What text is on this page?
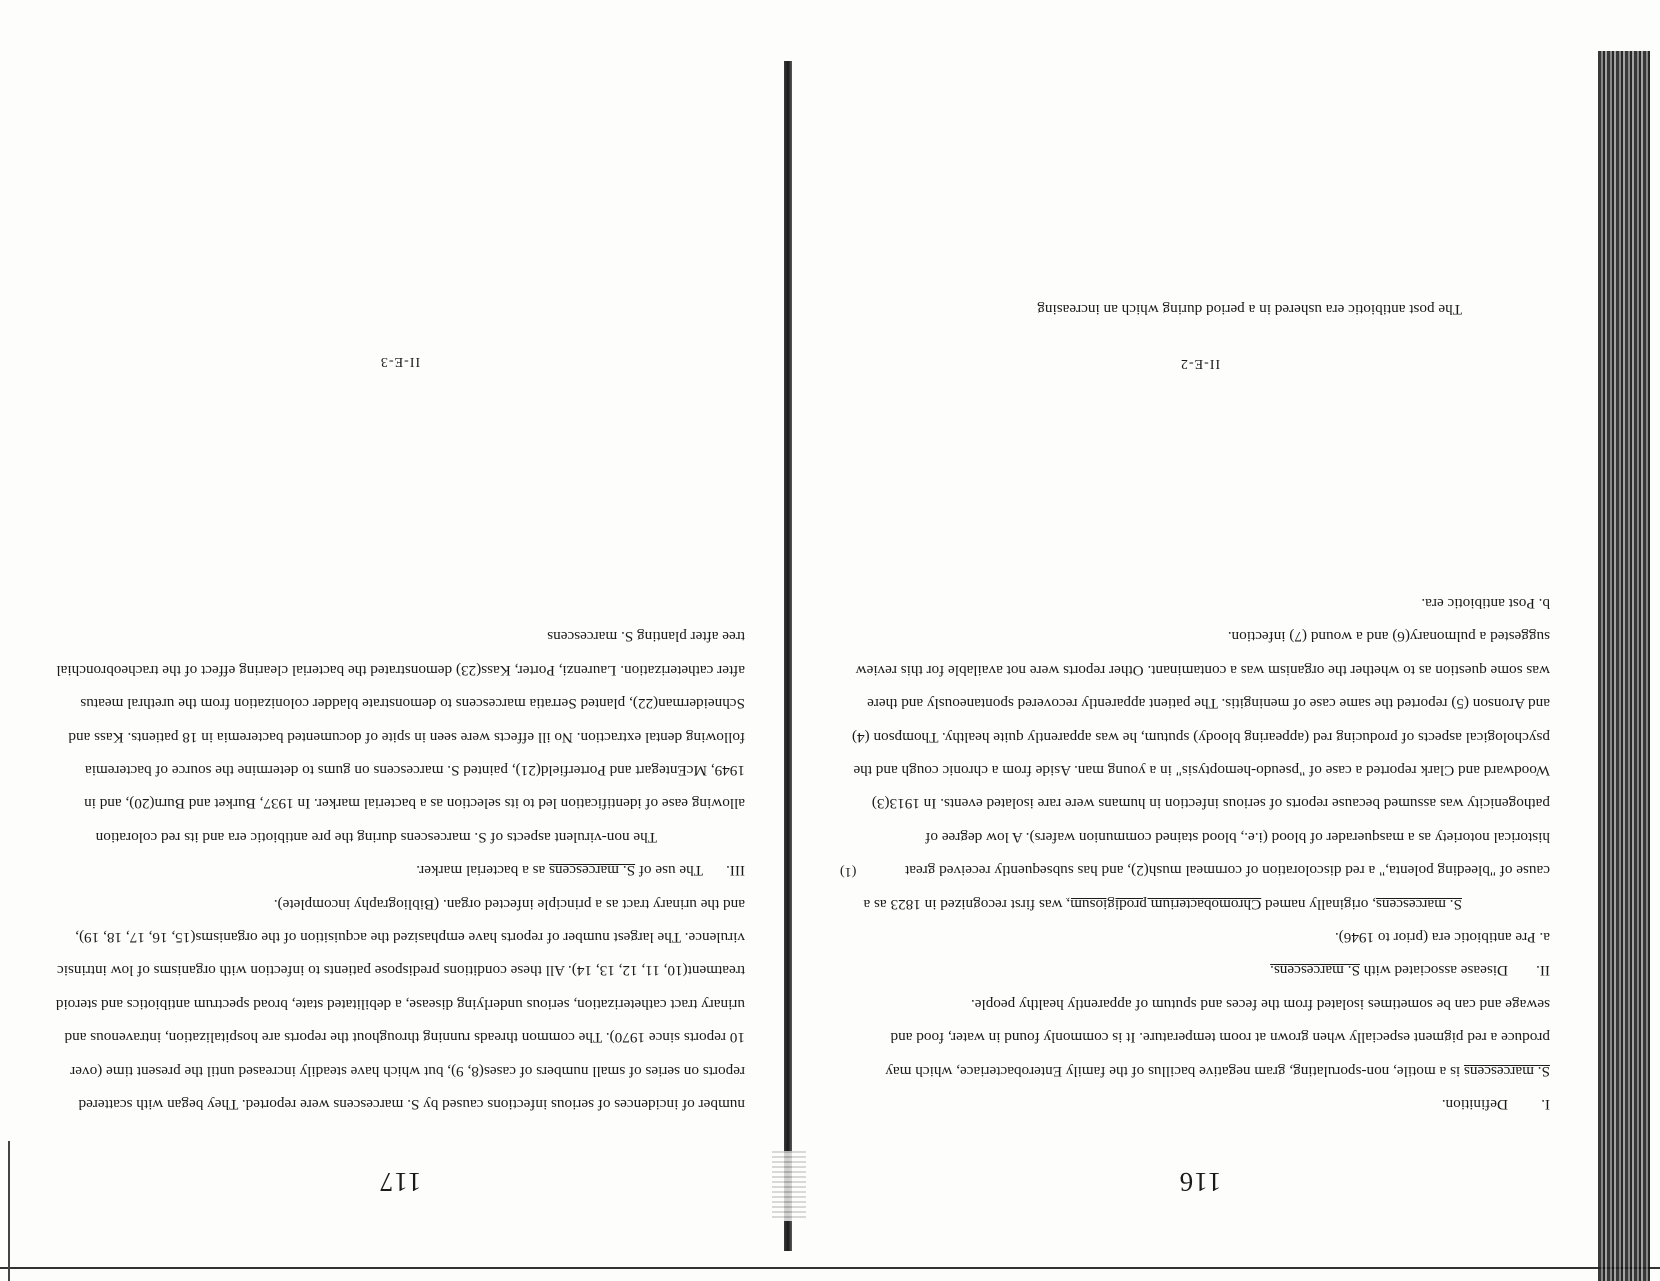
116

I.
Definition.

S. marcescens is a motile, non-sporulating, gram negative bacillus of the family Enterobacteriace, which may produce a red pigment especially when grown at room temperature. It is commonly found in water, food and sewage and can be sometimes isolated from the feces and sputum of apparently healthy people.
(1)

II.
Disease associated with S. marcescens.

a. Pre antibiotic era (prior to 1946).

S. marcescens, originally named Chromobacterium prodigiosum, was first recognized in 1823 as a cause of "bleeding polenta," a red discoloration of cornmeal mush(2), and has subsequently received great historical notoriety as a masquerader of blood (i.e., blood stained communion wafers). A low degree of pathogenicity was assumed because reports of serious infection in humans were rare isolated events. In 1913(3) Woodward and Clark reported a case of "pseudo-hemoptysis" in a young man. Aside from a chronic cough and the psychological aspects of producing red (appearing bloody) sputum, he was apparently quite healthy. Thompson (4) and Aronson (5) reported the same case of meningitis. The patient apparently recovered spontaneously and there was some question as to whether the organism was a contaminant. Other reports were not available for this review suggested a pulmonary(6) and a wound (7) infection.

b. Post antibiotic era.

II-E-2
The post antibiotic era ushered in a period during which an increasing
117

number of incidences of serious infections caused by S. marcescens were reported. They began with scattered reports on series of small numbers of cases(8, 9), but which have steadily increased until the present time (over 10 reports since 1970). The common threads running throughout the reports are hospitalization, intravenous and urinary tract catheterization, serious underlying disease, a debilitated state, broad spectrum antibiotics and steroid treatment(10, 11, 12, 13, 14). All these conditions predispose patients to infection with organisms of low intrinsic virulence. The largest number of reports have emphasized the acquisition of the organisms(15, 16, 17, 18, 19), and the urinary tract as a principle infected organ. (Bibliography incomplete).

III.
The use of S. marcescens as a bacterial marker.

The non-virulent aspects of S. marcescens during the pre antibiotic era and its red coloration allowing ease of identification led to its selection as a bacterial marker. In 1937, Burket and Burn(20), and in 1949, McEntegart and Porterfield(21), painted S. marcescens on gums to determine the source of bacteremia following dental extraction. No ill effects were seen in spite of documented bacteremia in 18 patients. Kass and Schneiderman(22), planted Serratia marcescens to demonstrate bladder colonization from the urethral meatus after catheterization. Laurenzi, Porter, Kass(23) demonstrated the bacterial clearing effect of the tracheobronchial tree after planting S. marcescens

II-E-3
